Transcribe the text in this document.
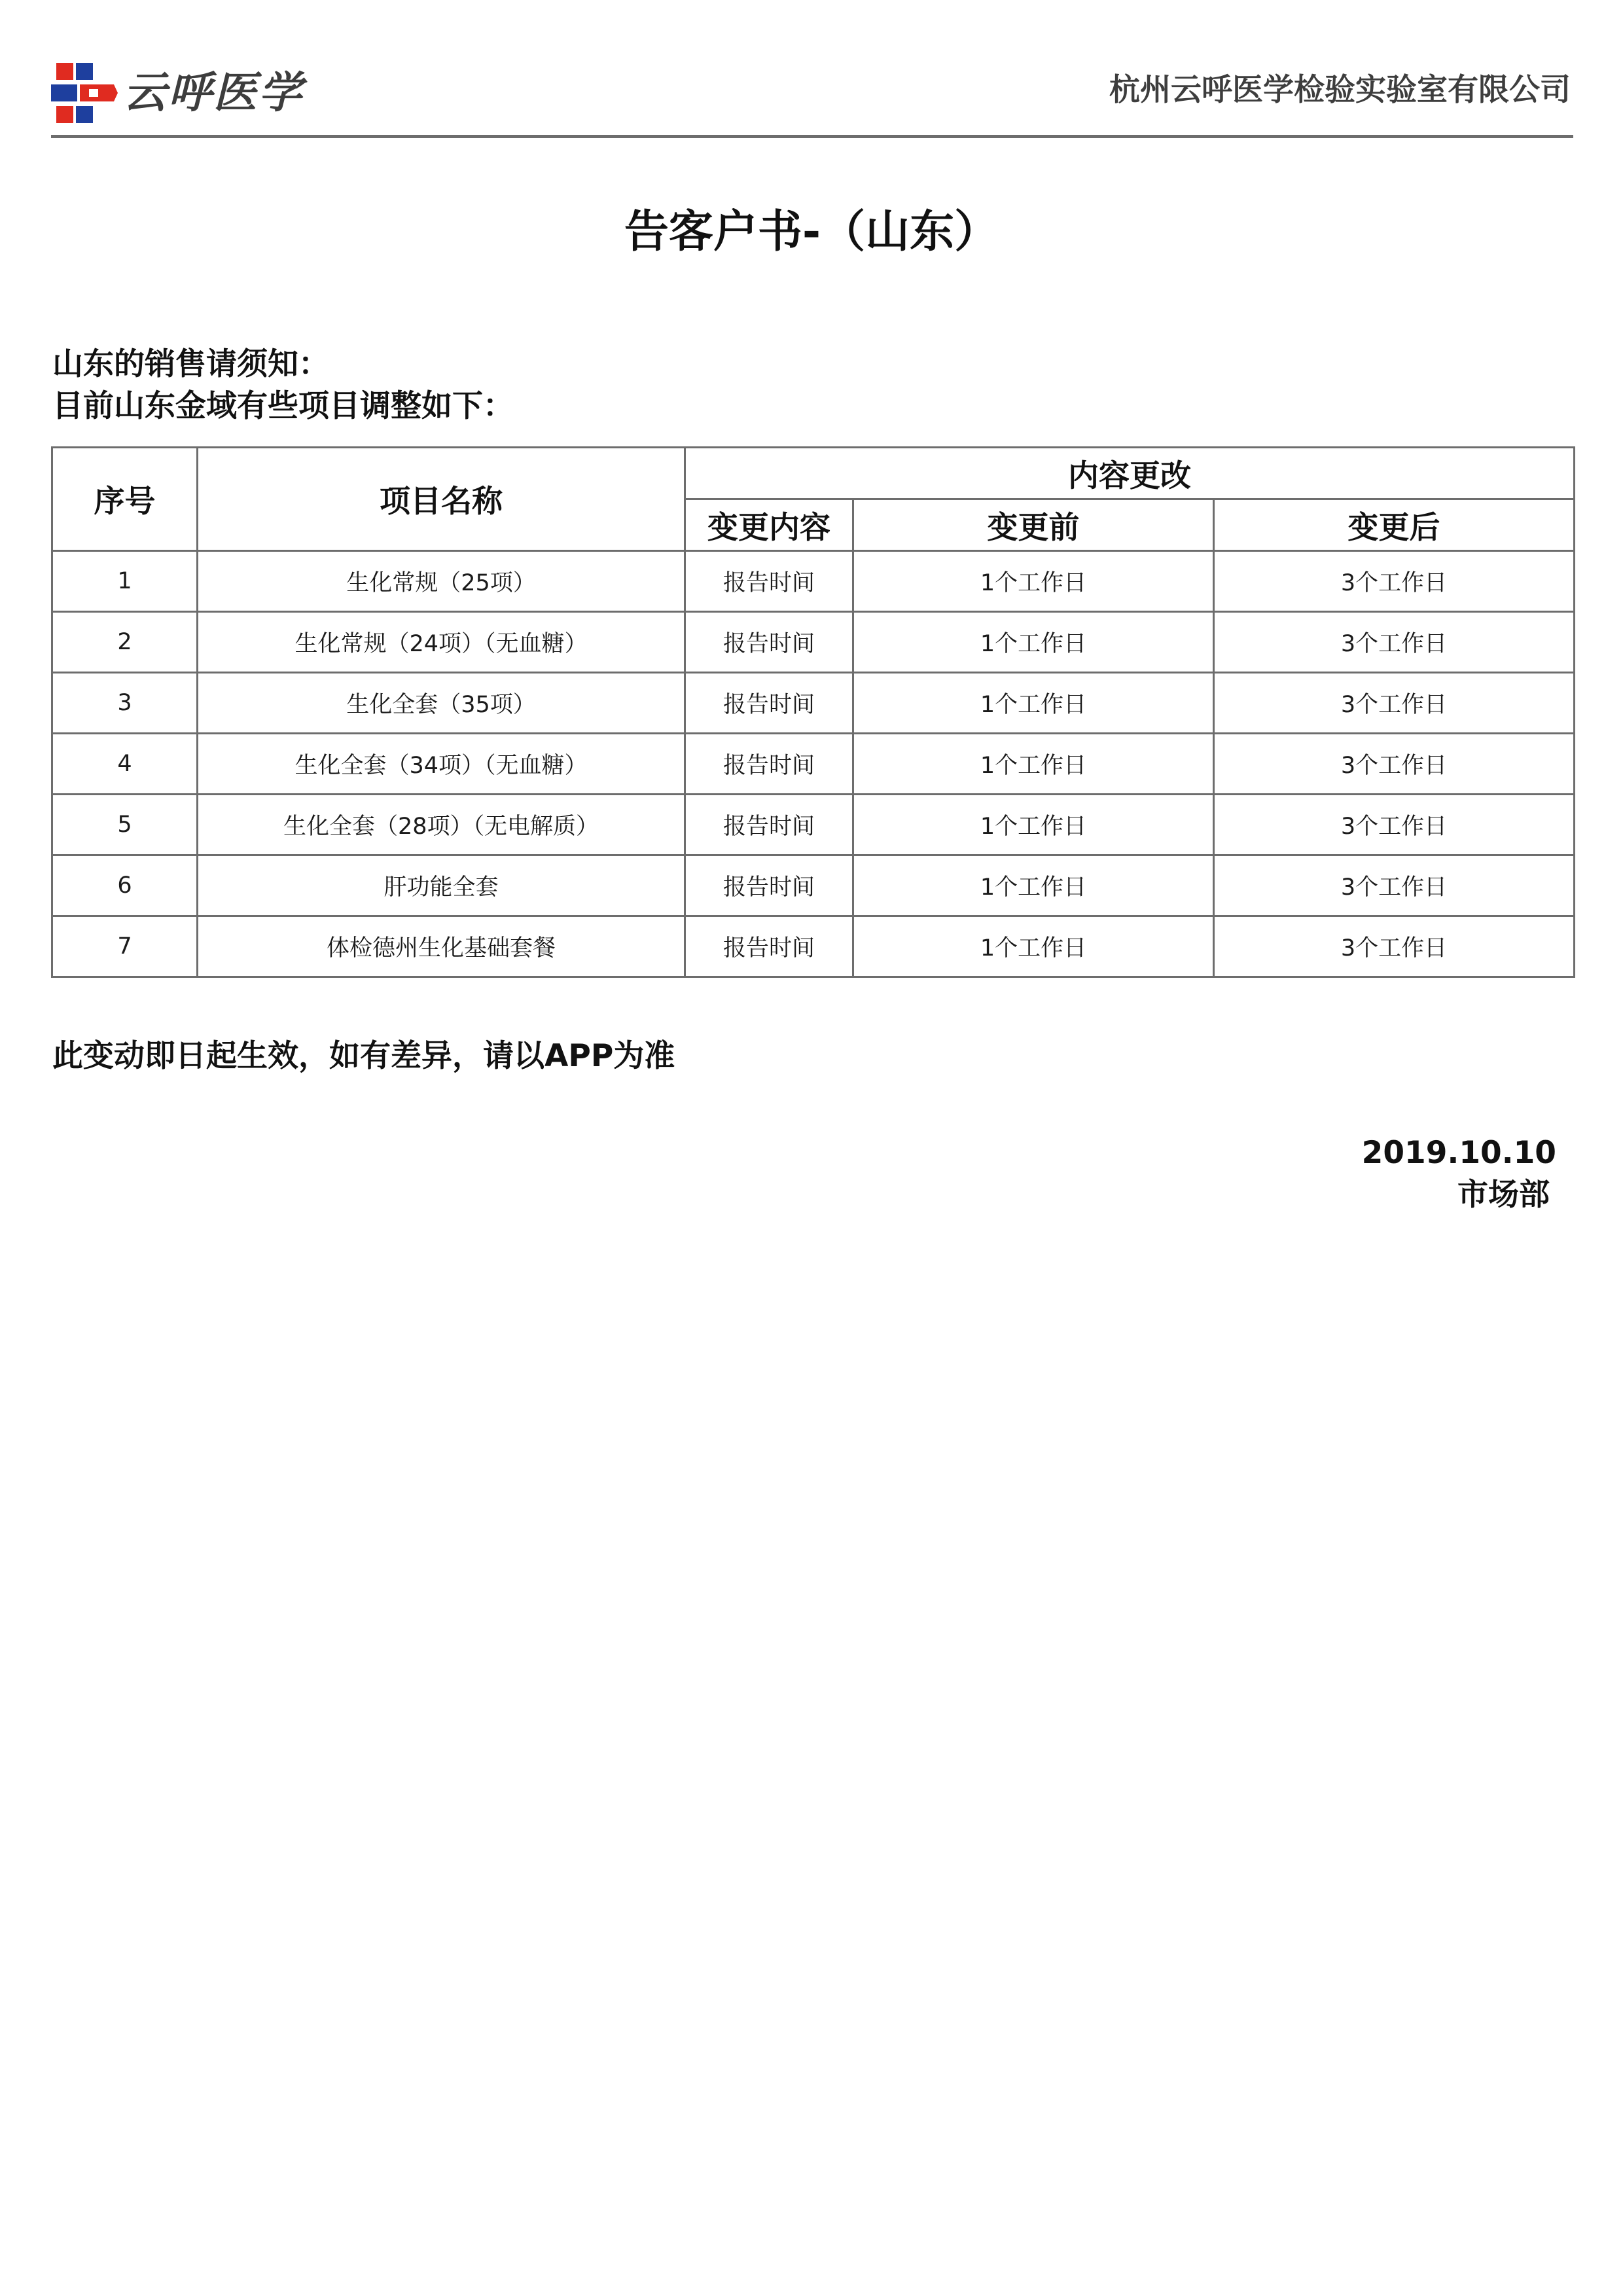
云呼医学	杭州云呼医学检验实验室有限公司
告客户书-（山东）
山东的销售请须知：
目前山东金域有些项目调整如下：
序号	项目名称	内容更改		
		变更内容	变更前	变更后
1	生化常规（25项）	报告时间	1个工作日	3个工作日
2	生化常规（24项）（无血糖）	报告时间	1个工作日	3个工作日
3	生化全套（35项）	报告时间	1个工作日	3个工作日
4	生化全套（34项）（无血糖）	报告时间	1个工作日	3个工作日
5	生化全套（28项）（无电解质）	报告时间	1个工作日	3个工作日
6	肝功能全套	报告时间	1个工作日	3个工作日
7	体检德州生化基础套餐	报告时间	1个工作日	3个工作日
此变动即日起生效，如有差异，请以APP为准
2019.10.10
市场部
